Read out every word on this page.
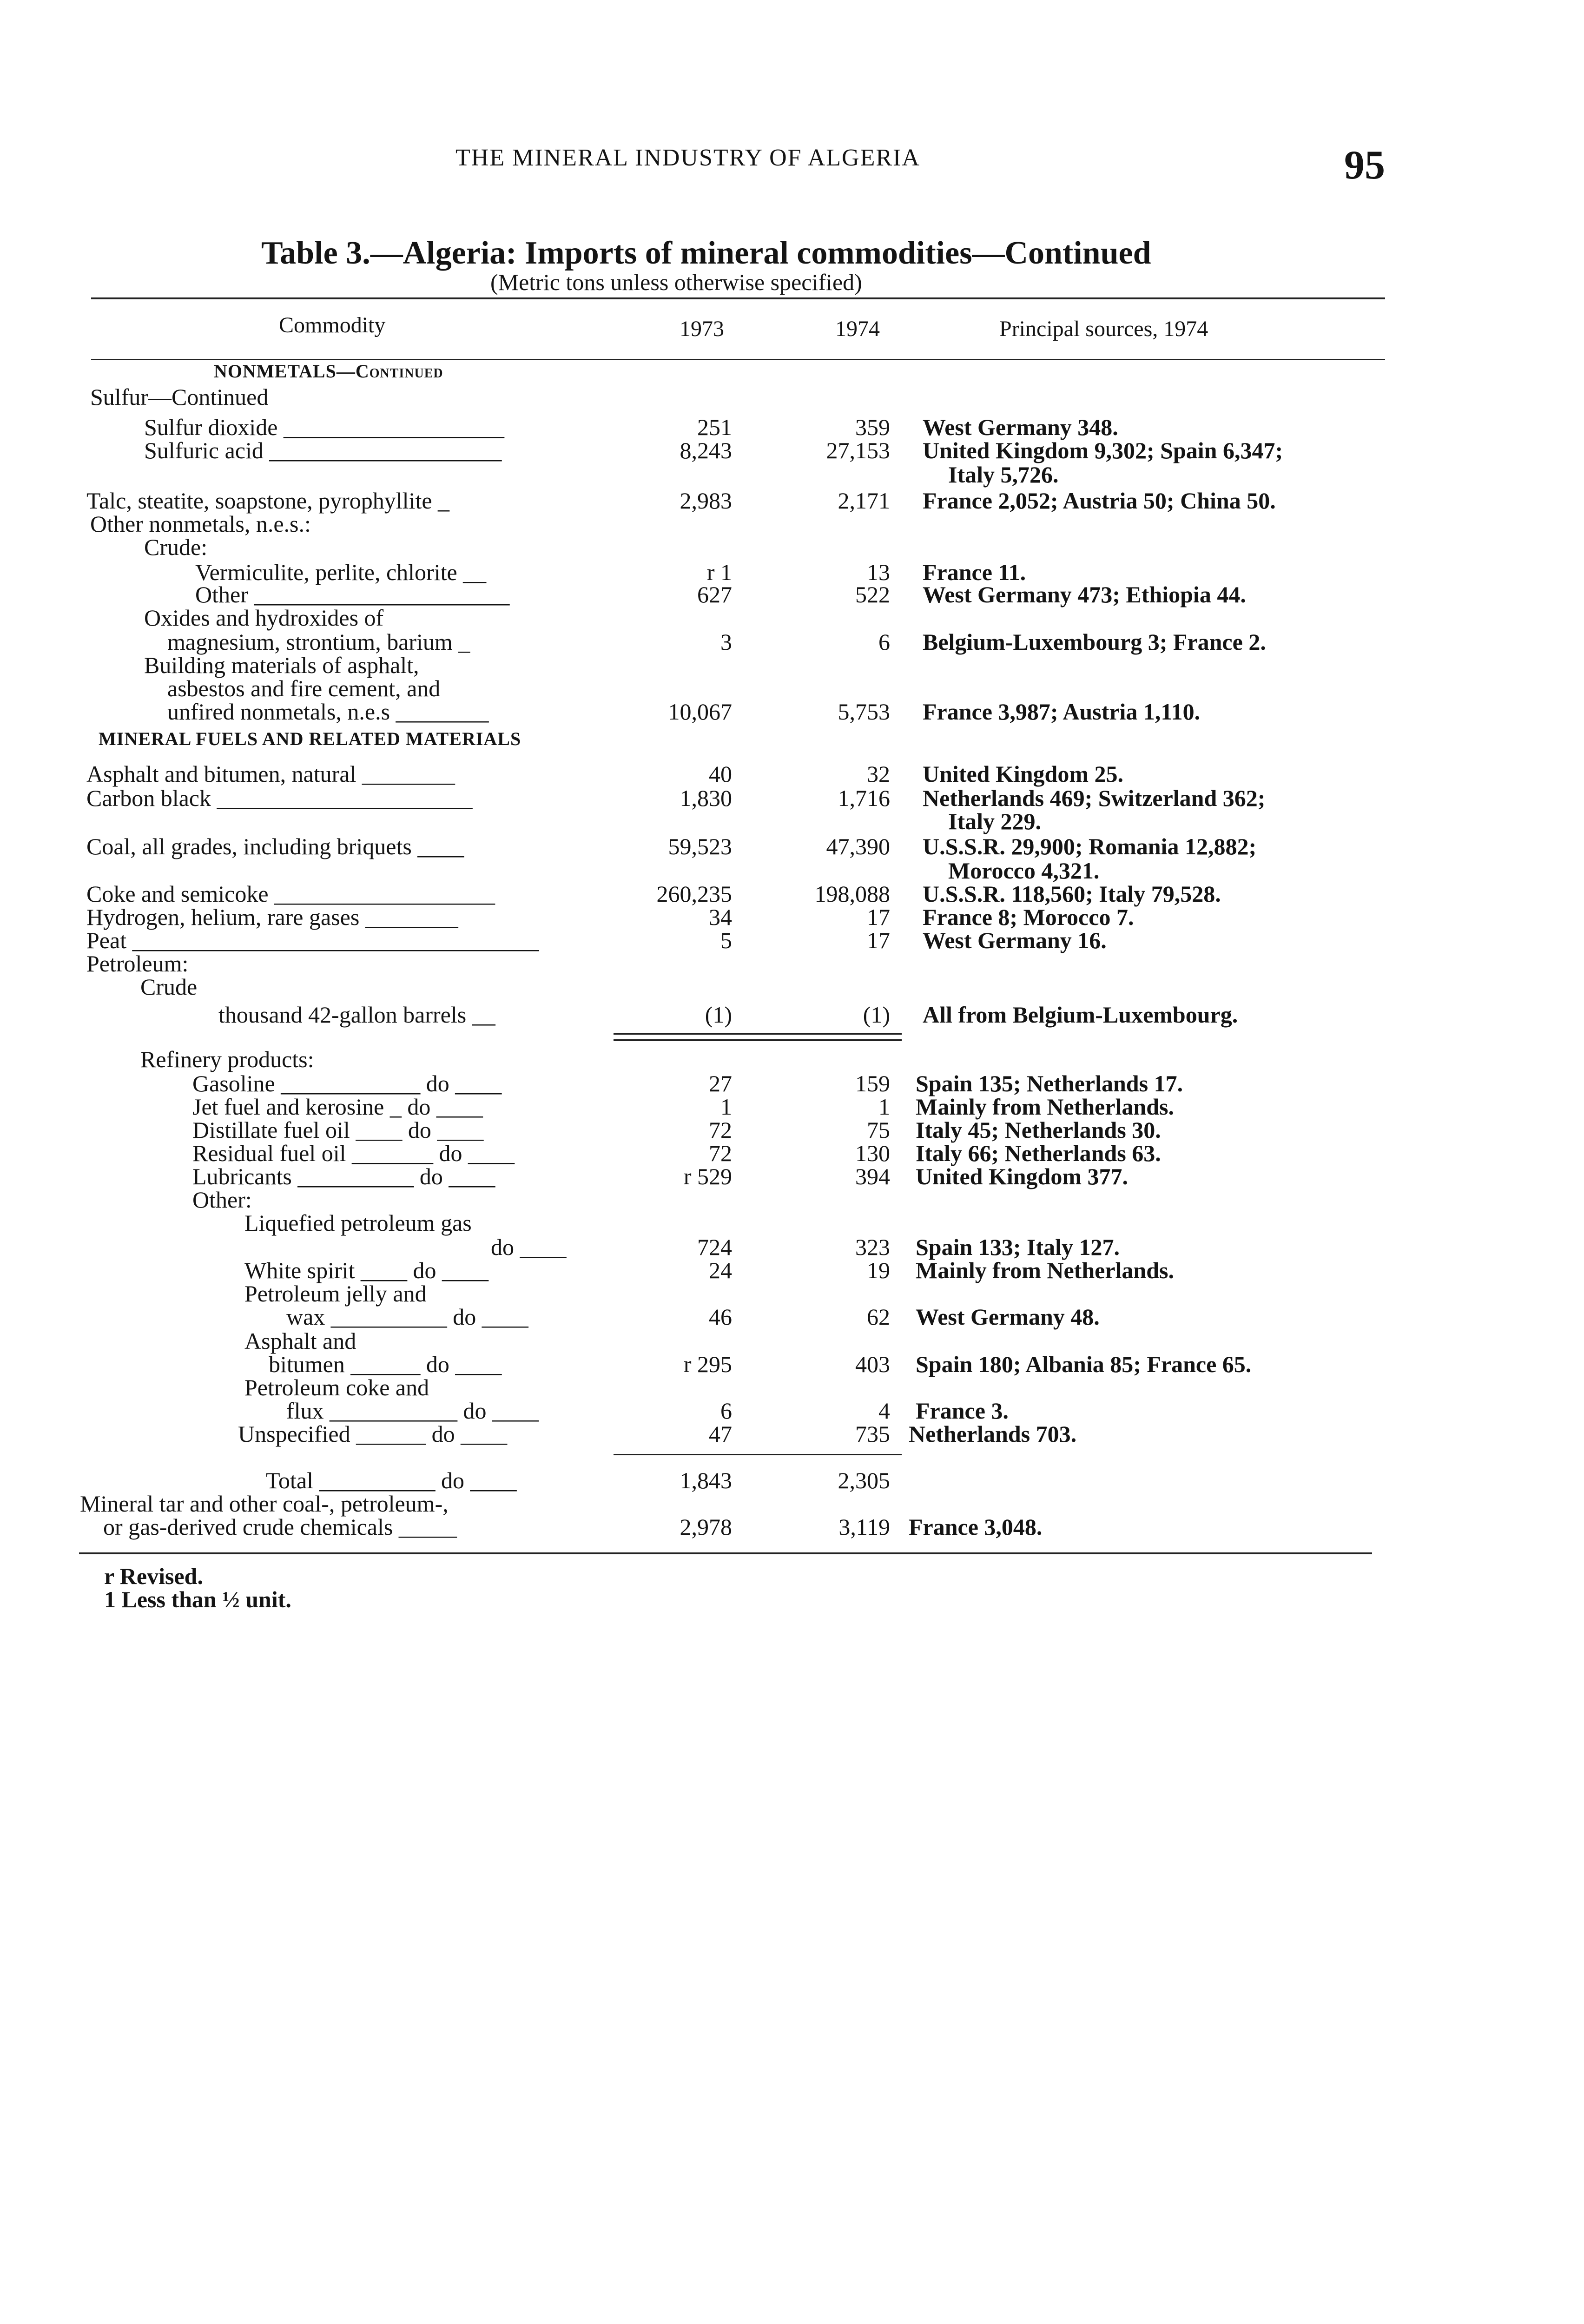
THE MINERAL INDUSTRY OF ALGERIA	95
Table 3.—Algeria: Imports of mineral commodities—Continued
(Metric tons unless otherwise specified)
Commodity	1973	1974	Principal sources, 1974
NONMETALS—Continued
Sulfur—Continued
Sulfur dioxide ___________________	251	359 West Germany 348.
Sulfuric acid ____________________	8,243	27,153 United Kingdom 9,302; Spain 6,347;
Italy 5,726.
Talc, steatite, soapstone, pyrophyllite _	2,983	2,171 France 2,052; Austria 50; China 50.
Other nonmetals, n.e.s.:
Crude:
Vermiculite, perlite, chlorite __	r 1	13 France 11.
Other ______________________	627	522 West Germany 473; Ethiopia 44.
Oxides and hydroxides of
magnesium, strontium, barium _	3	6 Belgium-Luxembourg 3; France 2.
Building materials of asphalt,
asbestos and fire cement, and
unfired nonmetals, n.e.s ________	10,067	5,753 France 3,987; Austria 1,110.
MINERAL FUELS AND RELATED MATERIALS
Asphalt and bitumen, natural ________	40	32 United Kingdom 25.
Carbon black ______________________	1,830	1,716 Netherlands 469; Switzerland 362;
Italy 229.
Coal, all grades, including briquets ____	59,523	47,390 U.S.S.R. 29,900; Romania 12,882;
Morocco 4,321.
Coke and semicoke ___________________	260,235	198,088 U.S.S.R. 118,560; Italy 79,528.
Hydrogen, helium, rare gases ________	34	17 France 8; Morocco 7.
Peat ___________________________________	5	17 West Germany 16.
Petroleum:
Crude
thousand 42-gallon barrels __	(1)	(1) All from Belgium-Luxembourg.
Refinery products:
Gasoline ____________ do ____	27	159 Spain 135; Netherlands 17.
Jet fuel and kerosine _ do ____	1	1 Mainly from Netherlands.
Distillate fuel oil ____ do ____	72	75 Italy 45; Netherlands 30.
Residual fuel oil _______ do ____	72	130 Italy 66; Netherlands 63.
Lubricants __________ do ____	r 529	394 United Kingdom 377.
Other:
Liquefied petroleum gas
do ____	724	323 Spain 133; Italy 127.
White spirit ____ do ____	24	19 Mainly from Netherlands.
Petroleum jelly and
wax __________ do ____	46	62 West Germany 48.
Asphalt and
bitumen ______ do ____	r 295	403 Spain 180; Albania 85; France 65.
Petroleum coke and
flux ___________ do ____	6	4 France 3.
Unspecified ______ do ____	47	735 Netherlands 703.
Total __________ do ____	1,843	2,305
Mineral tar and other coal-, petroleum-,
or gas-derived crude chemicals _____	2,978	3,119 France 3,048.
r Revised.
1 Less than ½ unit.
